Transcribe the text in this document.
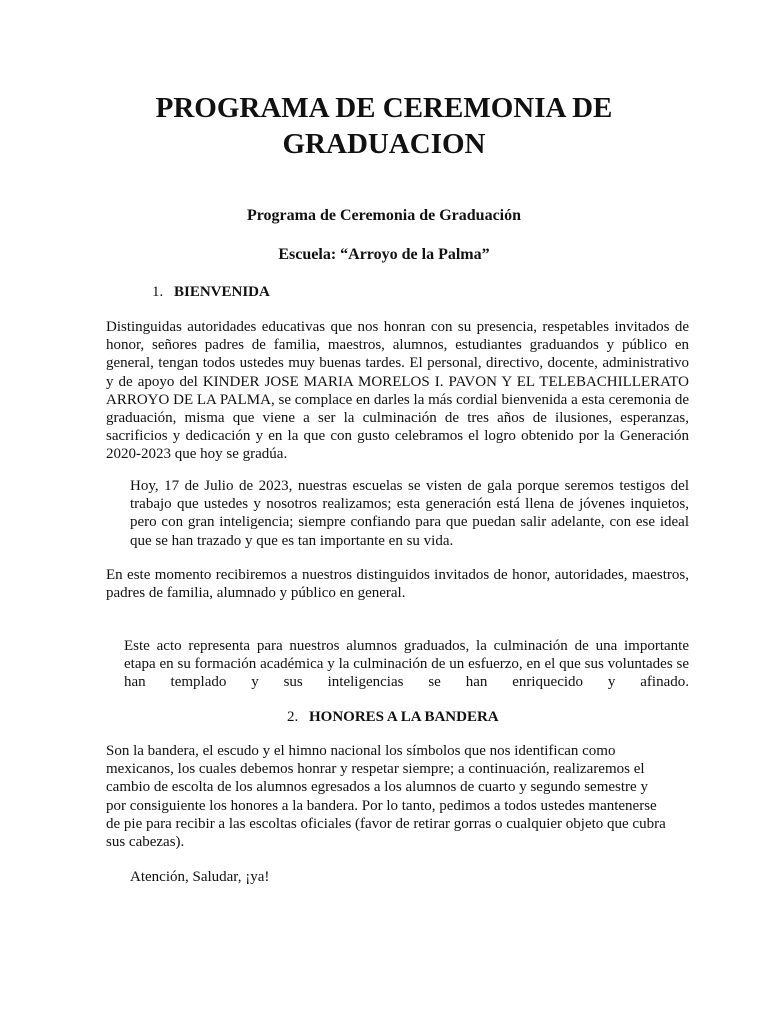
PROGRAMA DE CEREMONIA DE
GRADUACION
Programa de Ceremonia de Graduación
Escuela: “Arroyo de la Palma”
1. BIENVENIDA

Distinguidas autoridades educativas que nos honran con su presencia, respetables invitados de honor, señores padres de familia, maestros, alumnos, estudiantes graduandos y público en general, tengan todos ustedes muy buenas tardes. El personal, directivo, docente, administrativo y de apoyo del KINDER JOSE MARIA MORELOS I. PAVON Y EL TELEBACHILLERATO ARROYO DE LA PALMA, se complace en darles la más cordial bienvenida a esta ceremonia de graduación, misma que viene a ser la culminación de tres años de ilusiones, esperanzas, sacrificios y dedicación y en la que con gusto celebramos el logro obtenido por la Generación 2020-2023 que hoy se gradúa.

Hoy, 17 de Julio de 2023, nuestras escuelas se visten de gala porque seremos testigos del trabajo que ustedes y nosotros realizamos; esta generación está llena de jóvenes inquietos, pero con gran inteligencia; siempre confiando para que puedan salir adelante, con ese ideal que se han trazado y que es tan importante en su vida.

En este momento recibiremos a nuestros distinguidos invitados de honor, autoridades, maestros, padres de familia, alumnado y público en general.

Este acto representa para nuestros alumnos graduados, la culminación de una importante etapa en su formación académica y la culminación de un esfuerzo, en el que sus voluntades se han templado y sus inteligencias se han enriquecido y afinado.

2. HONORES A LA BANDERA

Son la bandera, el escudo y el himno nacional los símbolos que nos identifican como mexicanos, los cuales debemos honrar y respetar siempre; a continuación, realizaremos el cambio de escolta de los alumnos egresados a los alumnos de cuarto y segundo semestre y por consiguiente los honores a la bandera. Por lo tanto, pedimos a todos ustedes mantenerse de pie para recibir a las escoltas oficiales (favor de retirar gorras o cualquier objeto que cubra sus cabezas).

Atención, Saludar, ¡ya!
